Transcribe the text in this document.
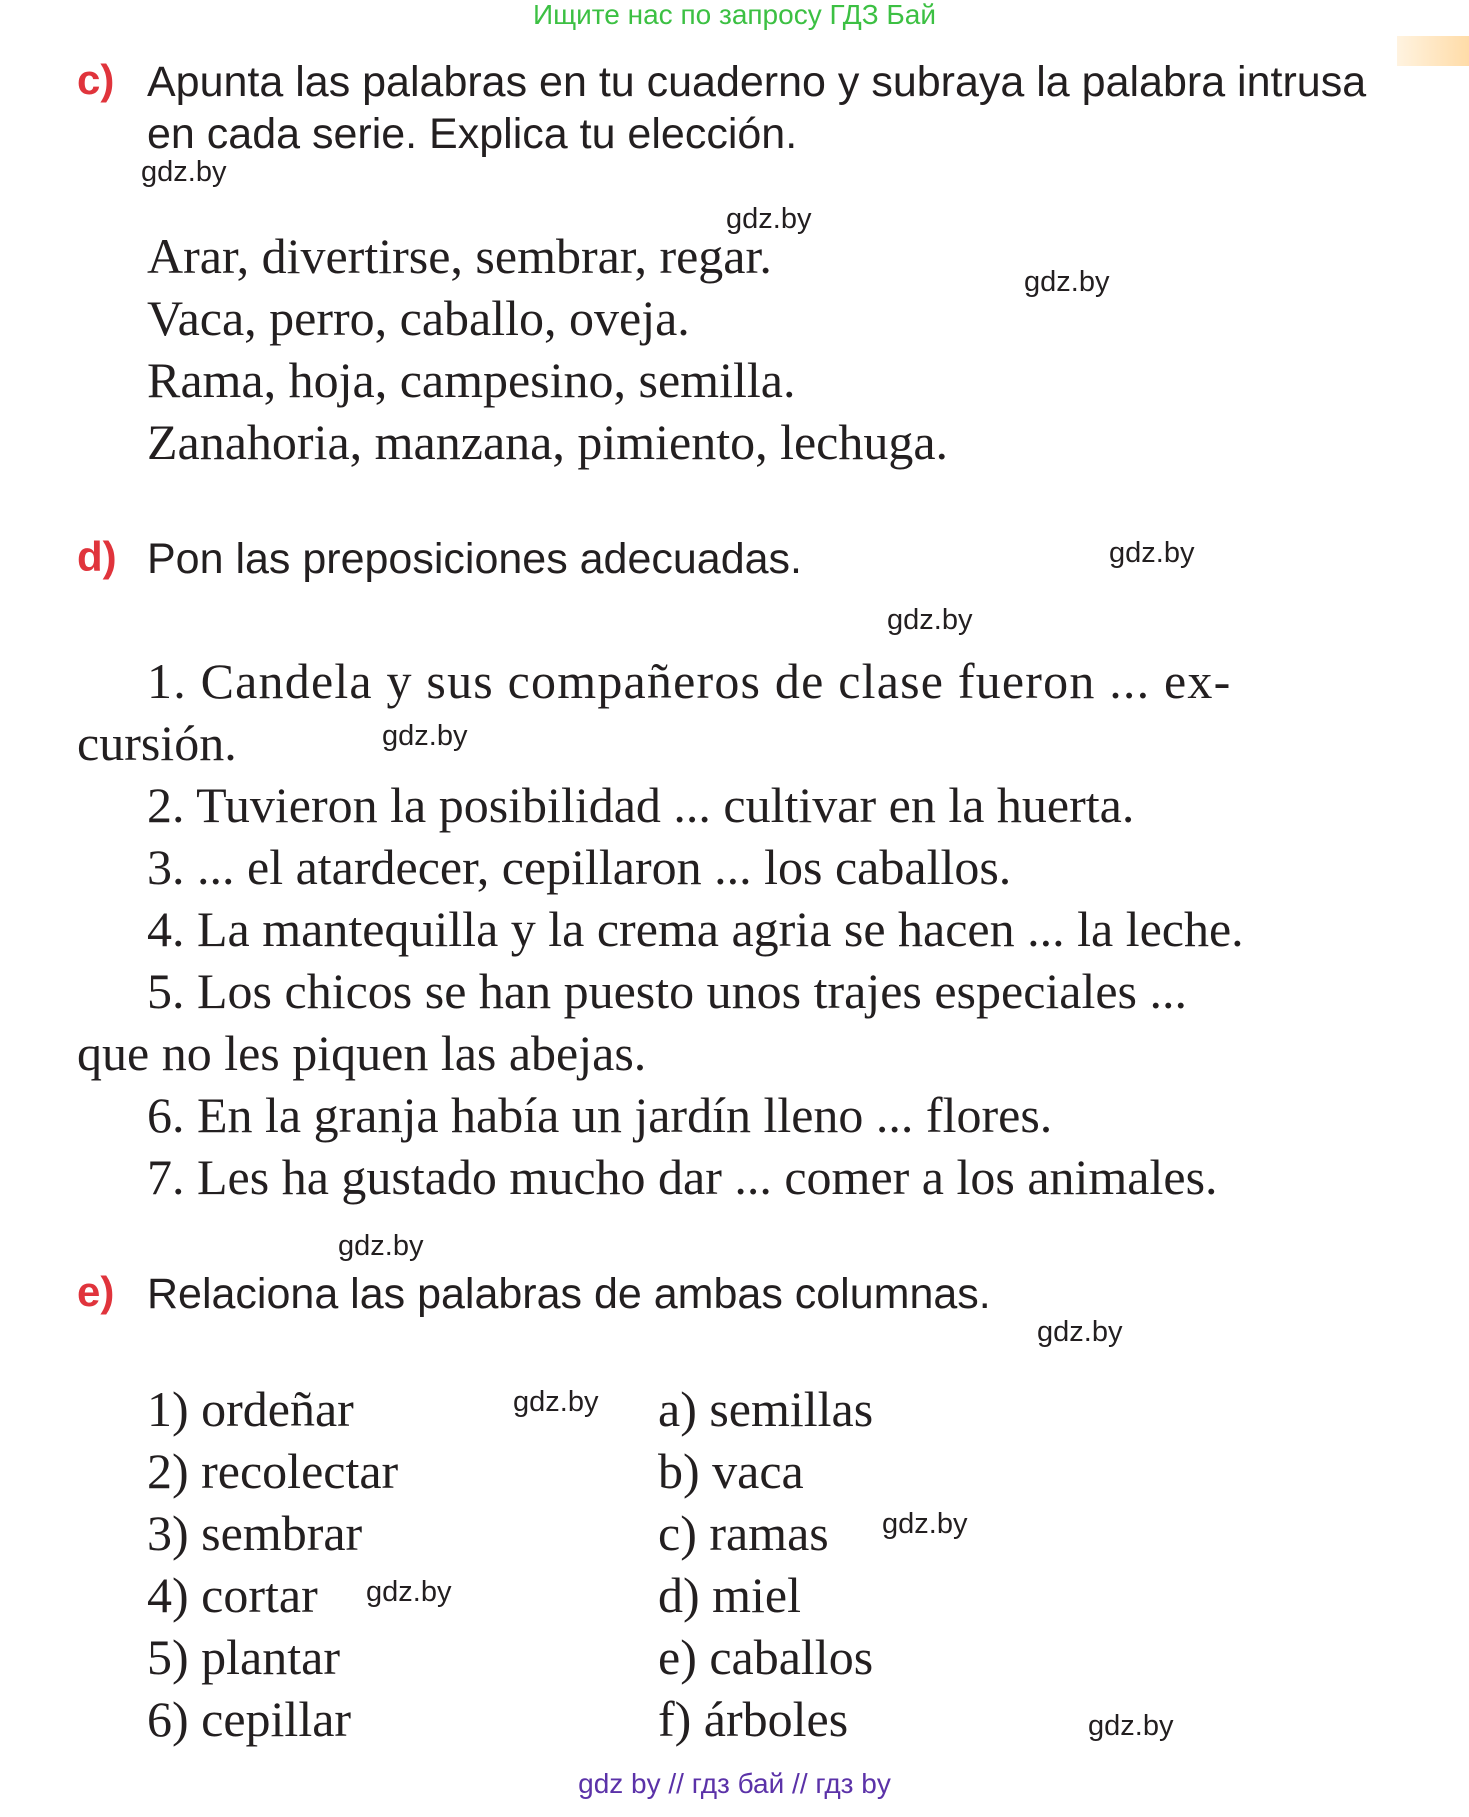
Ищите нас по запросу ГДЗ Бай
c) Apunta las palabras en tu cuaderno y subraya la palabra intrusa
en cada serie. Explica tu elección.
gdz.by
gdz.by
gdz.by
Arar, divertirse, sembrar, regar.
Vaca, perro, caballo, oveja.
Rama, hoja, campesino, semilla.
Zanahoria, manzana, pimiento, lechuga.
d) Pon las preposiciones adecuadas.	gdz.by
gdz.by
1. Candela y sus compañeros de clase fueron ... ex-
cursión.	gdz.by
2. Tuvieron la posibilidad ... cultivar en la huerta.
3. ... el atardecer, cepillaron ... los caballos.
4. La mantequilla y la crema agria se hacen ... la leche.
5. Los chicos se han puesto unos trajes especiales ...
que no les piquen las abejas.
6. En la granja había un jardín lleno ... flores.
7. Les ha gustado mucho dar ... comer a los animales.
gdz.by
e) Relaciona las palabras de ambas columnas.
gdz.by
1) ordeñar
2) recolectar
3) sembrar
4) cortar
5) plantar
6) cepillar
a) semillas
b) vaca
c) ramas
d) miel
e) caballos
f) árboles
gdz.by
gdz.by
gdz.by
gdz.by
gdz by // гдз бай // гдз by
